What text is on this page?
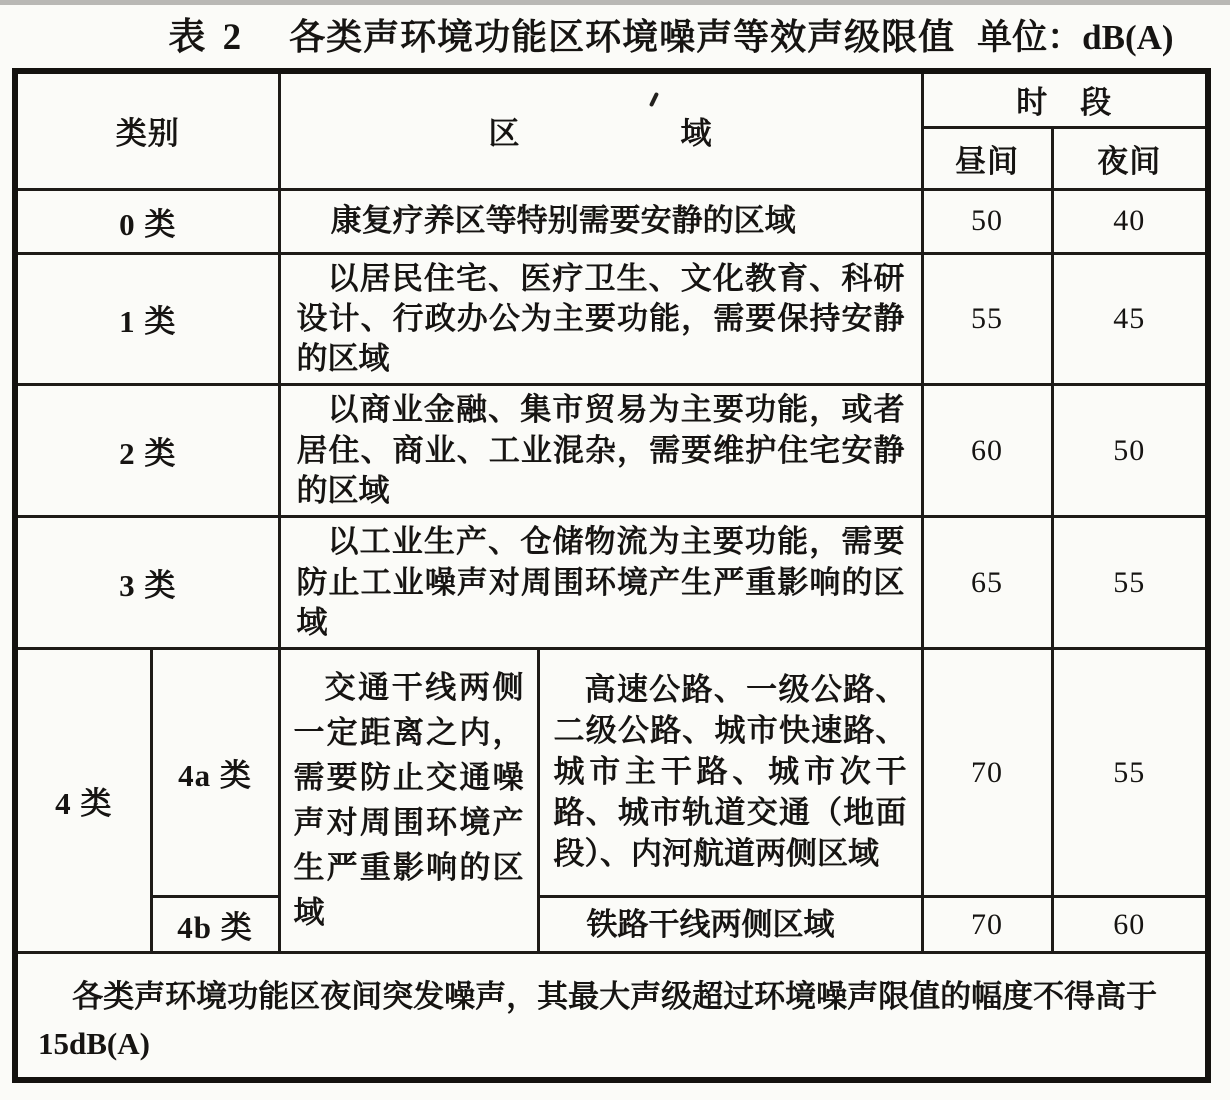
表 2 各类声环境功能区环境噪声等效声级限值 单位：dB(A)
类别		区　　　　　域		时　段	
				昼间	夜间
0 类		康复疗养区等特别需要安静的区域		50	40
1 类		以居民住宅、医疗卫生、文化教育、科研设计、行政办公为主要功能，需要保持安静的区域		55	45
2 类		以商业金融、集市贸易为主要功能，或者居住、商业、工业混杂，需要维护住宅安静的区域		60	50
3 类		以工业生产、仓储物流为主要功能，需要防止工业噪声对周围环境产生严重影响的区域		65	55
4 类	4a 类	交通干线两侧一定距离之内，需要防止交通噪声对周围环境产生严重影响的区域	高速公路、一级公路、二级公路、城市快速路、城市主干路、城市次干路、城市轨道交通（地面段）、内河航道两侧区域	70	55
	4b 类		铁路干线两侧区域	70	60
各类声环境功能区夜间突发噪声，其最大声级超过环境噪声限值的幅度不得高于 15dB(A)					
